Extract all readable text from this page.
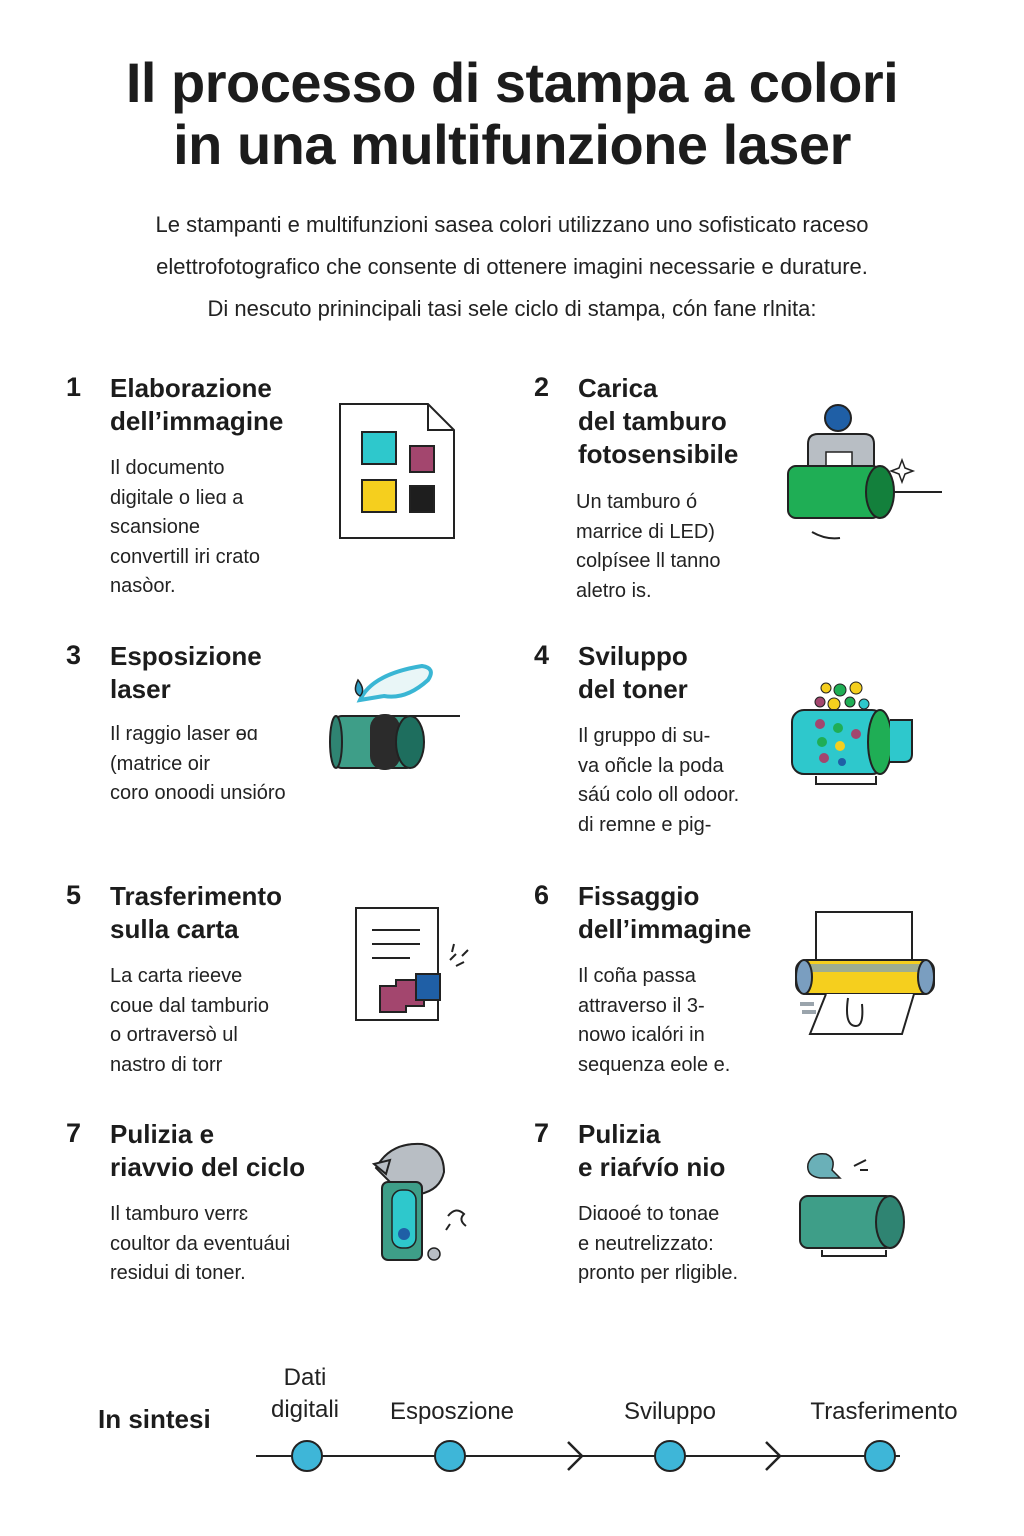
Il processo di stampa a colori
in una multifunzione laser
Le stampanti e multifunzioni sasea colori utilizzano uno sofisticato raceso
elettrofotografico che consente di ottenere imagini necessarie e durature.
Di nescuto prinincipali tasi sele ciclo di stampa, cón fane rlnita:
1 Elaborazione
dell’immagine
Il documento
digitale o lieɑ a
scansione
convertill iri crato
nasòor.
2 Carica
del tamburo
fotosensibile
Un tamburo ó
marrice di LED)
colpísee ll tanno
aletro is.
3 Esposizione
laser
Il raggio laser ɵɑ
(matrice oir
coro onoodi unsióro
4 Sviluppo
del toner
Il gruppo di su-
va oñcle la poda
sáú colo oll odoor.
di remne e pig-
5 Trasferimento
sulla carta
La carta rieeve
coue dal tamburio
o ortraversò ul
nastro di torr
6 Fissaggio
dell’immagine
Il coña passa
attraverso il 3-
nowo icalóri in
sequenza eole e.
7 Pulizia e
riavvio del ciclo
Il tamburo verrɛ
coultor da eventuáui
residui di toner.
7 Pulizia
e riaŕvío nio
Diɑooé to tonae
e neutrelizzato:
pronto per rligible.
In sintesi
Dati
digitali	Esposzione	Sviluppo	Trasferimento
